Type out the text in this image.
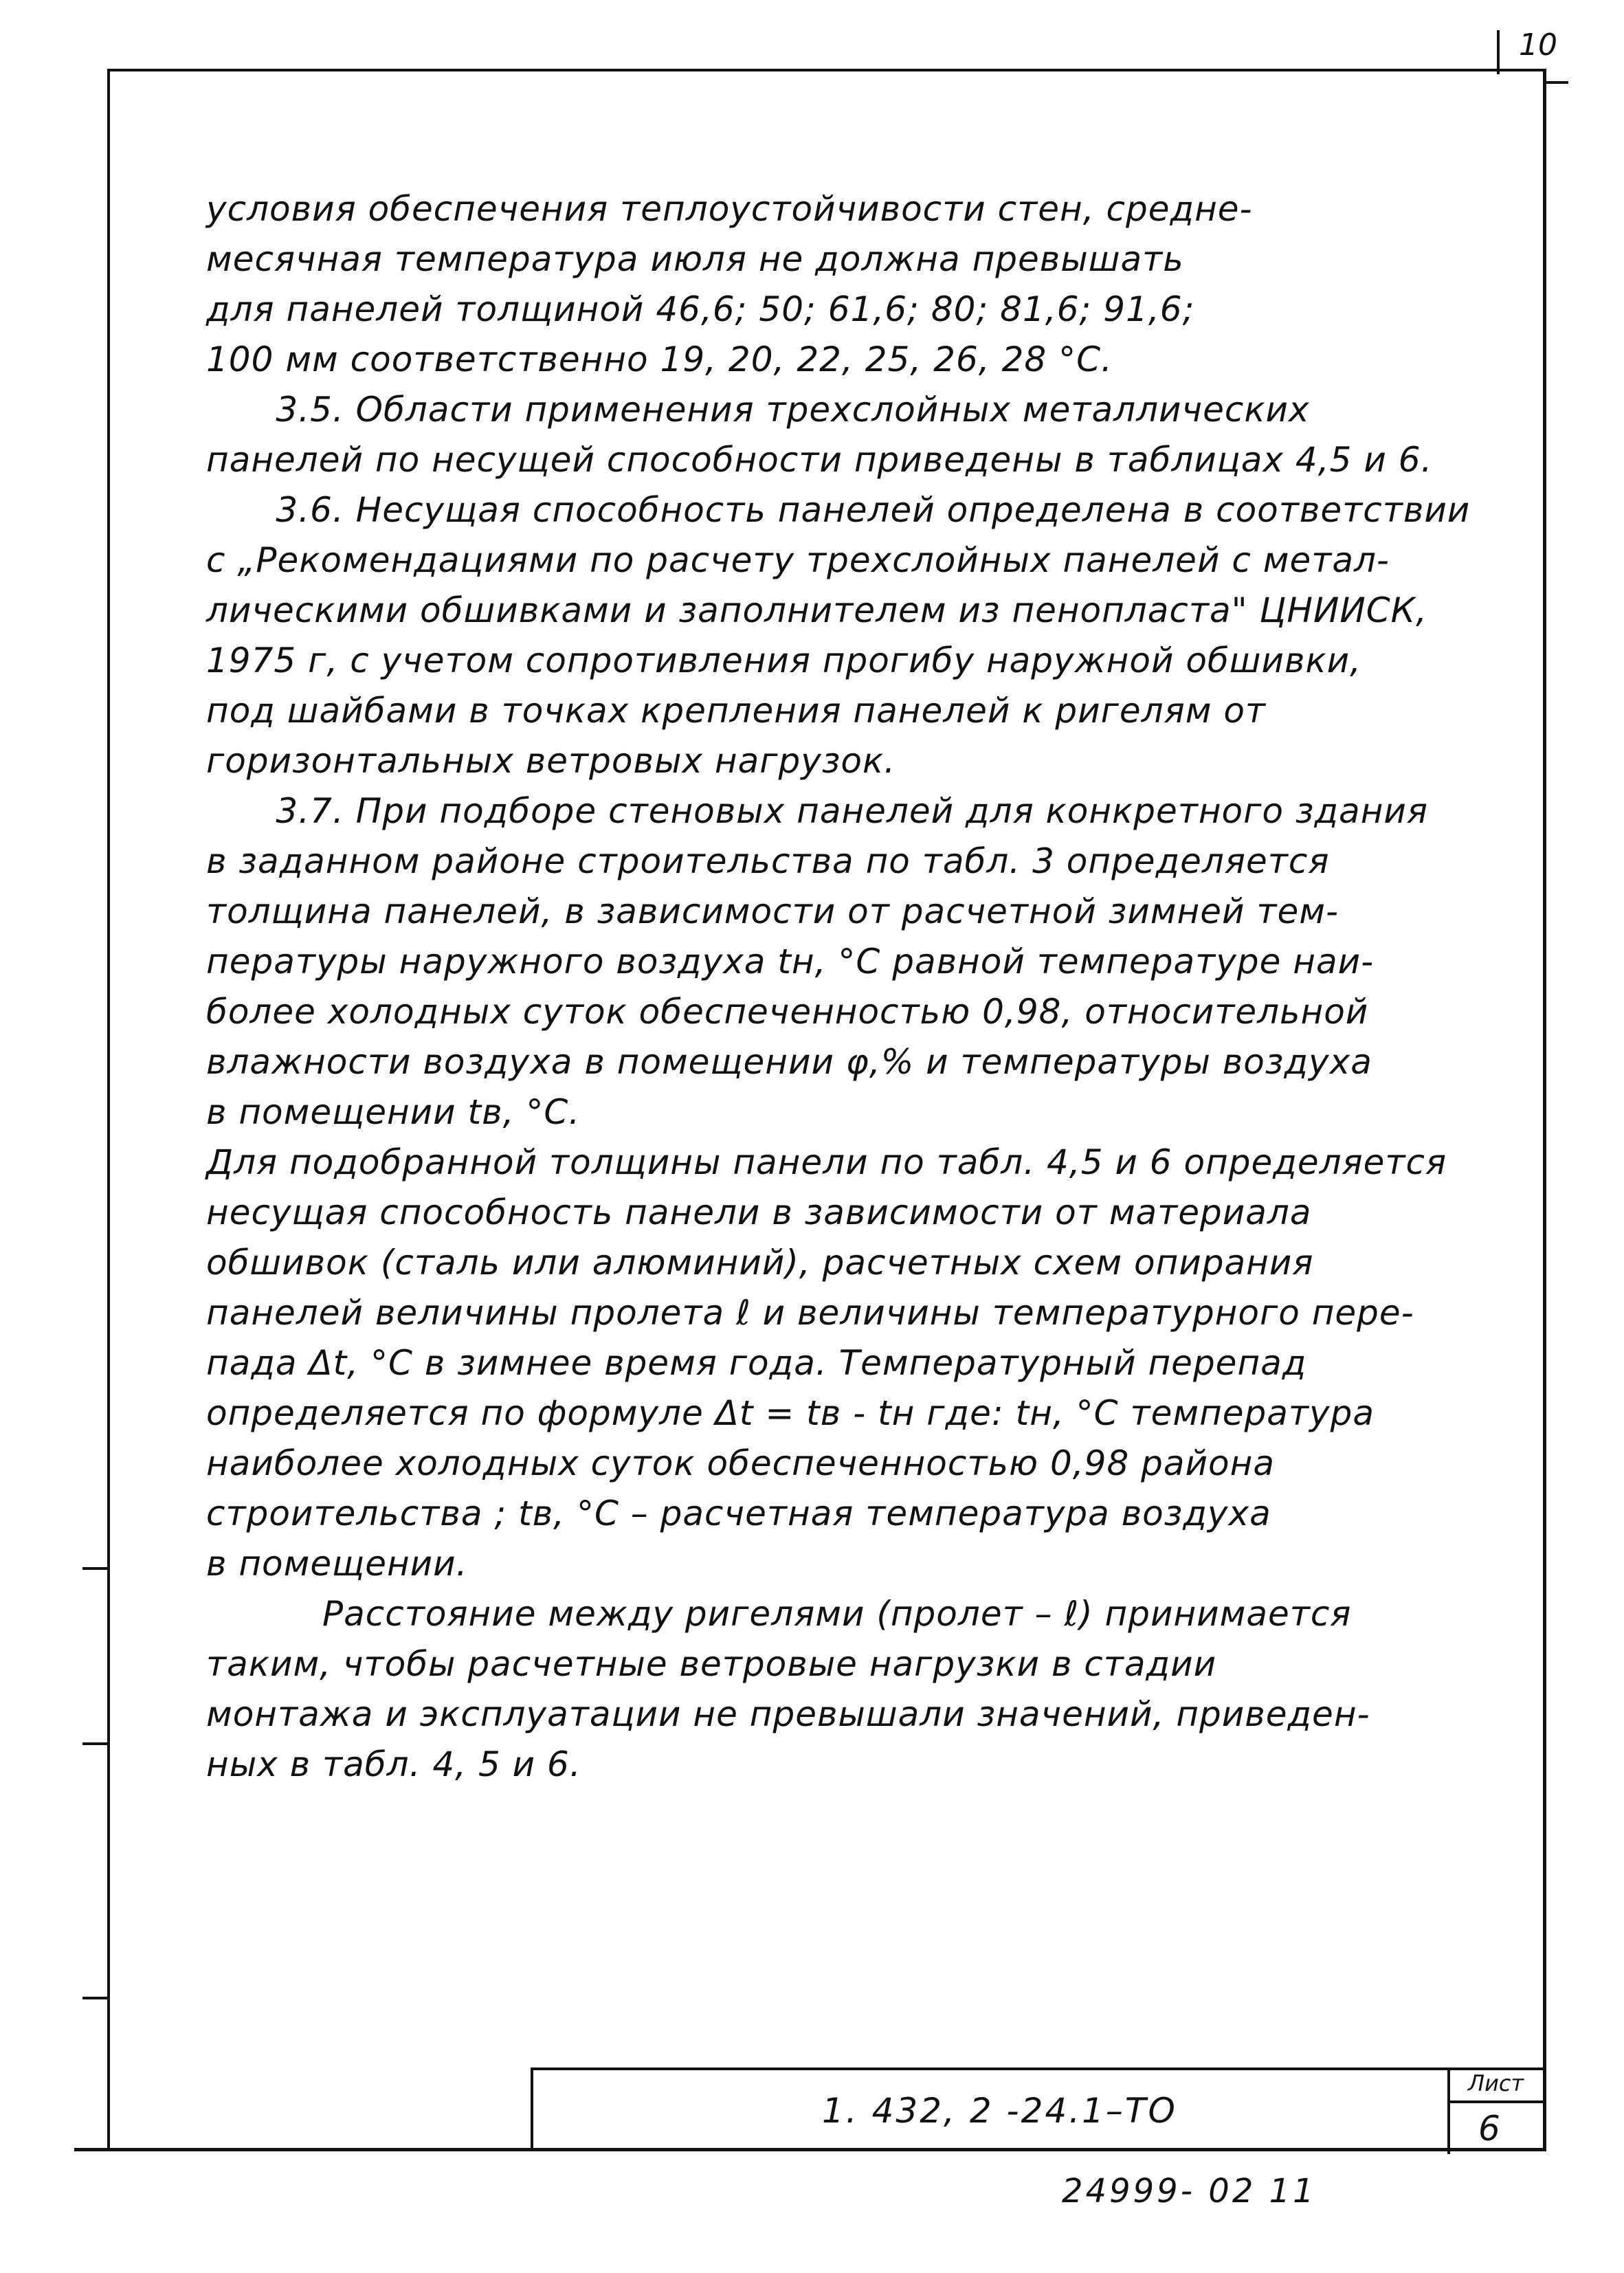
10

условия обеспечения теплоустойчивости стен, средне-
месячная температура июля не должна превышать
для панелей толщиной 46,6; 50; 61,6; 80; 81,6; 91,6;
100 мм соответственно 19, 20, 22, 25, 26, 28 °С.

3.5. Области применения трехслойных металлических
панелей по несущей способности приведены в таблицах 4,5 и 6.

3.6. Несущая способность панелей определена в соответствии
с „Рекомендациями по расчету трехслойных панелей с метал-
лическими обшивками и заполнителем из пенопласта" ЦНИИСК,
1975 г, с учетом сопротивления прогибу наружной обшивки,
под шайбами в точках крепления панелей к ригелям от
горизонтальных ветровых нагрузок.

3.7. При подборе стеновых панелей для конкретного здания
в заданном районе строительства по табл. 3 определяется
толщина панелей, в зависимости от расчетной зимней тем-
пературы наружного воздуха tн, °С равной температуре наи-
более холодных суток обеспеченностью 0,98, относительной
влажности воздуха в помещении φ,% и температуры воздуха
в помещении tв, °С.

Для подобранной толщины панели по табл. 4,5 и 6 определяется
несущая способность панели в зависимости от материала
обшивок (сталь или алюминий), расчетных схем опирания
панелей величины пролета ℓ и величины температурного пере-
пада Δt, °С в зимнее время года. Температурный перепад
определяется по формуле Δt = tв - tн где: tн, °С температура
наиболее холодных суток обеспеченностью 0,98 района
строительства ; tв, °С – расчетная температура воздуха
в помещении.

Расстояние между ригелями (пролет – ℓ) принимается
таким, чтобы расчетные ветровые нагрузки в стадии
монтажа и эксплуатации не превышали значений, приведен-
ных в табл. 4, 5 и 6.

1. 432, 2 -24.1–ТО
Лист
6
24999- 02 11
